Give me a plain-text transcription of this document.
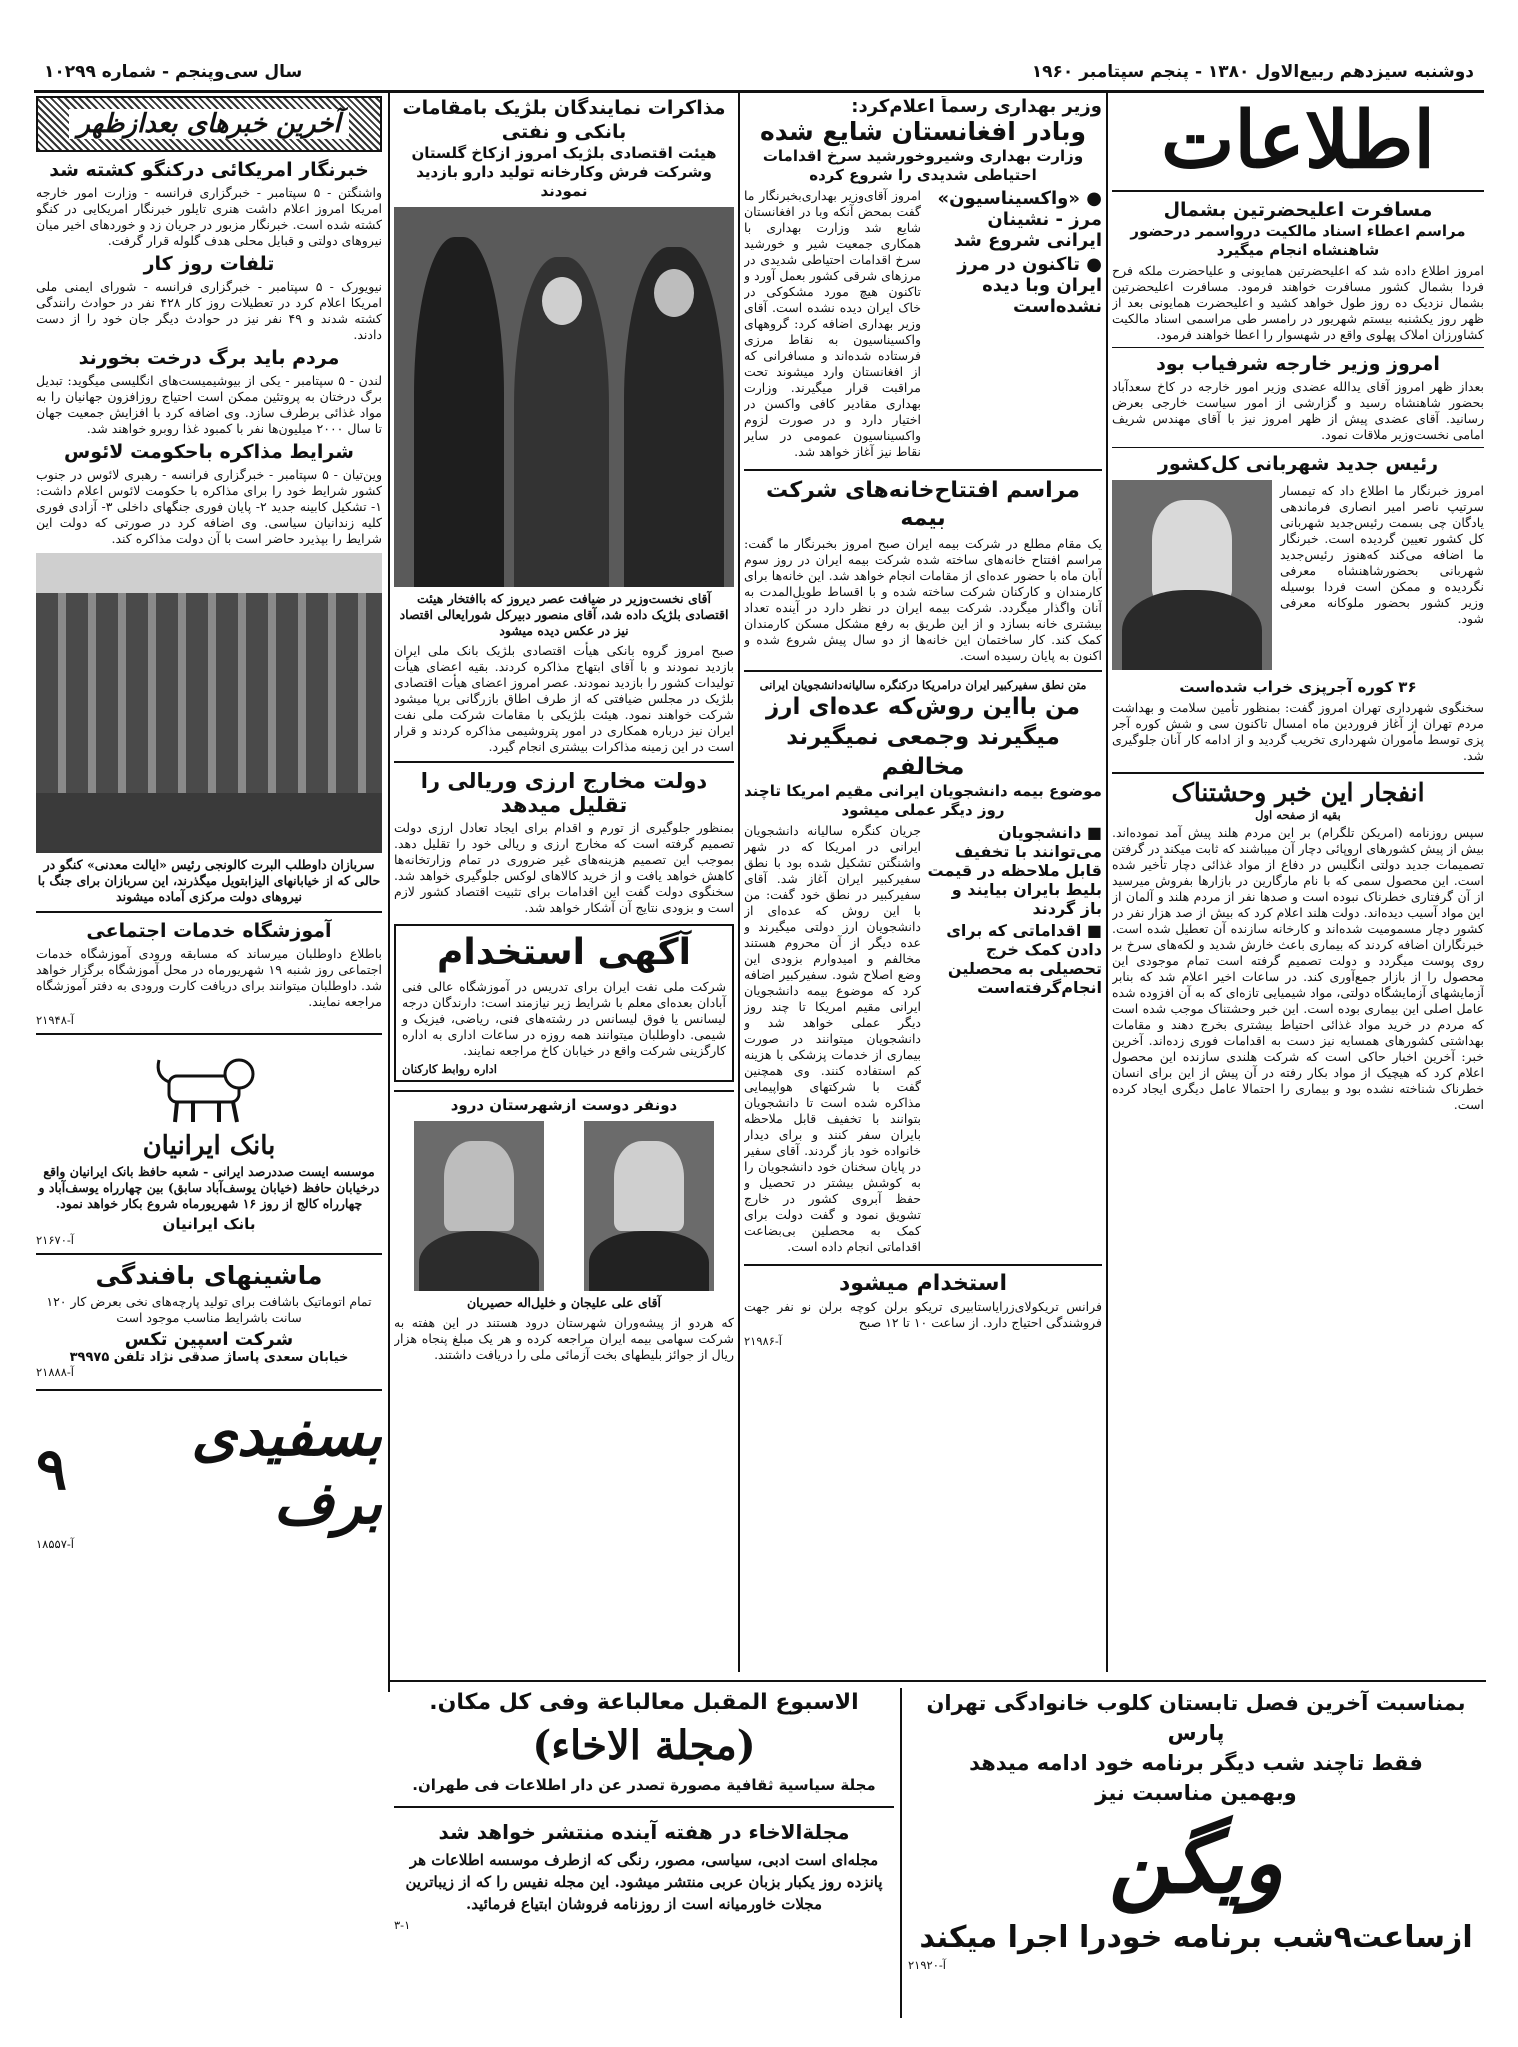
دوشنبه سیزدهم ربیع‌الاول ۱۳۸۰ - پنجم سپتامبر ۱۹۶۰
سال سی‌وپنجم - شماره ۱۰۲۹۹
اطلاعات
مسافرت اعلیحضرتین بشمال
مراسم اعطاء اسناد مالکیت درواسمر درحضور شاهنشاه انجام میگیرد

امروز اطلاع داده شد که اعلیحضرتین همایونی و علیاحضرت ملکه فرح فردا بشمال کشور مسافرت خواهند فرمود. مسافرت اعلیحضرتین بشمال نزدیک ده روز طول خواهد کشید و اعلیحضرت همایونی بعد از ظهر روز یکشنبه بیستم شهریور در رامسر طی مراسمی اسناد مالکیت کشاورزان املاک پهلوی واقع در شهسوار را اعطا خواهند فرمود.

امروز وزیر خارجه شرفیاب بود

بعداز ظهر امروز آقای یدالله عضدی وزیر امور خارجه در کاخ سعدآباد بحضور شاهنشاه رسید و گزارشی از امور سیاست خارجی بعرض رسانید. آقای عضدی پیش از ظهر امروز نیز با آقای مهندس شریف امامی نخست‌وزیر ملاقات نمود.

رئیس جدید شهربانی کل‌کشور

امروز خبرنگار ما اطلاع داد که تیمسار سرتیپ ناصر امیر انصاری فرماندهی یادگان چی بسمت رئیس‌جدید شهربانی کل کشور تعیین گردیده است. خبرنگار ما اضافه می‌کند که‌هنوز رئیس‌جدید شهربانی بحضورشاهنشاه معرفی نگردیده و ممکن است فردا بوسیله وزیر کشور بحضور ملوکانه معرفی شود.

۳۶ کوره آجرپزی خراب شده‌است

سخنگوی شهرداری تهران امروز گفت: بمنظور تأمین سلامت و بهداشت مردم تهران از آغاز فروردین ماه امسال تاکنون سی و شش کوره آجر پزی توسط مأموران شهرداری تخریب گردید و از ادامه کار آنان جلوگیری شد.

انفجار این خبر وحشتناک
بقیه از صفحه اول

سپس روزنامه (امریکن تلگرام) بر این مردم هلند پیش آمد نموده‌اند. بیش از پیش کشورهای اروپائی دچار آن میباشند که ثابت میکند در گرفتن تصمیمات جدید دولتی انگلیس در دفاع از مواد غذائی دچار تأخیر شده است. این محصول سمی که با نام مارگارین در بازارها بفروش میرسید از آن گرفتاری خطرناک نبوده است و صدها نفر از مردم هلند و آلمان از این مواد آسیب دیده‌اند. دولت هلند اعلام کرد که بیش از صد هزار نفر در کشور دچار مسمومیت شده‌اند و کارخانه سازنده آن تعطیل شده است. خبرنگاران اضافه کردند که بیماری باعث خارش شدید و لکه‌های سرخ بر روی پوست میگردد و دولت تصمیم گرفته است تمام موجودی این محصول را از بازار جمع‌آوری کند. در ساعات اخیر اعلام شد که بنابر آزمایشهای آزمایشگاه دولتی، مواد شیمیایی تازه‌ای که به آن افزوده شده عامل اصلی این بیماری بوده است. این خبر وحشتناک موجب شده است که مردم در خرید مواد غذائی احتیاط بیشتری بخرج دهند و مقامات بهداشتی کشورهای همسایه نیز دست به اقدامات فوری زده‌اند. آخرین خبر: آخرین اخبار حاکی است که شرکت هلندی سازنده این محصول اعلام کرد که هیچیک از مواد بکار رفته در آن پیش از این برای انسان خطرناک شناخته نشده بود و بیماری را احتمالا عامل دیگری ایجاد کرده است.

وزیر بهداری رسماً اعلام‌کرد:
وبادر افغانستان شایع شده
وزارت بهداری وشیروخورشید سرخ اقدامات احتیاطی شدیدی را شروع کرده
● «واکسیناسیون» مرز - نشینان ایرانی شروع شد
● تاکنون در مرز ایران وبا دیده نشده‌است

امروز آقای‌وزیر بهداری‌بخبرنگار ما گفت بمحض آنکه وبا در افغانستان شایع شد وزارت بهداری با همکاری جمعیت شیر و خورشید سرخ اقدامات احتیاطی شدیدی در مرزهای شرقی کشور بعمل آورد و تاکنون هیچ مورد مشکوکی در خاک ایران دیده نشده است. آقای وزیر بهداری اضافه کرد: گروههای واکسیناسیون به نقاط مرزی فرستاده شده‌اند و مسافرانی که از افغانستان وارد میشوند تحت مراقبت قرار میگیرند. وزارت بهداری مقادیر کافی واکسن در اختیار دارد و در صورت لزوم واکسیناسیون عمومی در سایر نقاط نیز آغاز خواهد شد.

مراسم افتتاح‌خانه‌های شرکت بیمه

یک مقام مطلع در شرکت بیمه ایران صبح امروز بخبرنگار ما گفت: مراسم افتتاح خانه‌های ساخته شده شرکت بیمه ایران در روز سوم آبان ماه با حضور عده‌ای از مقامات انجام خواهد شد. این خانه‌ها برای کارمندان و کارکنان شرکت ساخته شده و با اقساط طویل‌المدت به آنان واگذار میگردد. شرکت بیمه ایران در نظر دارد در آینده تعداد بیشتری خانه بسازد و از این طریق به رفع مشکل مسکن کارمندان کمک کند. کار ساختمان این خانه‌ها از دو سال پیش شروع شده و اکنون به پایان رسیده است.

متن نطق سفیرکبیر ایران درامریکا درکنگره سالیانه‌دانشجویان ایرانی
من بااین روش‌که عده‌ای ارز میگیرند وجمعی نمیگیرند مخالفم
موضوع بیمه دانشجویان ایرانی مقیم امریکا تاچند روز دیگر عملی میشود
■ دانشجویان می‌توانند با تخفیف قابل ملاحظه در قیمت بلیط بایران بیایند و باز گردند
■ اقداماتی که برای دادن کمک خرج تحصیلی به محصلین انجام‌گرفته‌است

جریان کنگره سالیانه دانشجویان ایرانی در امریکا که در شهر واشنگتن تشکیل شده بود با نطق سفیرکبیر ایران آغاز شد. آقای سفیرکبیر در نطق خود گفت: من با این روش که عده‌ای از دانشجویان ارز دولتی میگیرند و عده دیگر از آن محروم هستند مخالفم و امیدوارم بزودی این وضع اصلاح شود. سفیرکبیر اضافه کرد که موضوع بیمه دانشجویان ایرانی مقیم امریکا تا چند روز دیگر عملی خواهد شد و دانشجویان میتوانند در صورت بیماری از خدمات پزشکی با هزینه کم استفاده کنند. وی همچنین گفت با شرکتهای هواپیمایی مذاکره شده است تا دانشجویان بتوانند با تخفیف قابل ملاحظه بایران سفر کنند و برای دیدار خانواده خود باز گردند. آقای سفیر در پایان سخنان خود دانشجویان را به کوشش بیشتر در تحصیل و حفظ آبروی کشور در خارج تشویق نمود و گفت دولت برای کمک به محصلین بی‌بضاعت اقداماتی انجام داده است.

استخدام میشود

فرانس تریکولای‌زرایاستابیری تریکو برلن کوچه برلن نو نفر جهت فروشندگی احتیاج دارد. از ساعت ۱۰ تا ۱۲ صبح

آ-۲۱۹۸۶
مذاکرات نمایندگان بلژیک بامقامات بانکی و نفتی
هیئت اقتصادی بلژیک امروز ازکاخ گلستان وشرکت فرش وکارخانه تولید دارو بازدید نمودند
آقای نخست‌وزیر در ضیافت عصر دیروز که باافتخار هیئت اقتصادی بلژیک داده شد، آقای منصور دبیرکل شورایعالی اقتصاد نیز در عکس دیده میشود

صبح امروز گروه بانکی هیأت اقتصادی بلژیک بانک ملی ایران بازدید نمودند و با آقای ابتهاج مذاکره کردند. بقیه اعضای هیأت تولیدات کشور را بازدید نمودند. عصر امروز اعضای هیأت اقتصادی بلژیک در مجلس ضیافتی که از طرف اطاق بازرگانی برپا میشود شرکت خواهند نمود. هیئت بلژیکی با مقامات شرکت ملی نفت ایران نیز درباره همکاری در امور پتروشیمی مذاکره کردند و قرار است در این زمینه مذاکرات بیشتری انجام گیرد.

دولت مخارج ارزی وریالی را تقلیل میدهد

بمنظور جلوگیری از تورم و اقدام برای ایجاد تعادل ارزی دولت تصمیم گرفته است که مخارج ارزی و ریالی خود را تقلیل دهد. بموجب این تصمیم هزینه‌های غیر ضروری در تمام وزارتخانه‌ها کاهش خواهد یافت و از خرید کالاهای لوکس جلوگیری خواهد شد. سخنگوی دولت گفت این اقدامات برای تثبیت اقتصاد کشور لازم است و بزودی نتایج آن آشکار خواهد شد.

آگهی استخدام

شرکت ملی نفت ایران برای تدریس در آموزشگاه عالی فنی آبادان بعده‌ای معلم با شرایط زیر نیازمند است: دارندگان درجه لیسانس یا فوق لیسانس در رشته‌های فنی، ریاضی، فیزیک و شیمی. داوطلبان میتوانند همه روزه در ساعات اداری به اداره کارگزینی شرکت واقع در خیابان کاخ مراجعه نمایند.

اداره روابط کارکنان
دونفر دوست ازشهرستان درود
آقای علی علیجان و خلیل‌اله حصیریان

که هردو از پیشه‌وران شهرستان درود هستند در این هفته به شرکت سهامی بیمه ایران مراجعه کرده و هر یک مبلغ پنجاه هزار ریال از جوائز بلیطهای بخت آزمائی ملی را دریافت داشتند.

آخرین خبرهای بعدازظهر
خبرنگار امریکائی درکنگو کشته شد

واشنگتن - ۵ سپتامبر - خبرگزاری فرانسه - وزارت امور خارجه امریکا امروز اعلام داشت هنری تایلور خبرنگار امریکایی در کنگو کشته شده است. خبرنگار مزبور در جریان زد و خوردهای اخیر میان نیروهای دولتی و قبایل محلی هدف گلوله قرار گرفت.

تلفات روز کار

نیویورک - ۵ سپتامبر - خبرگزاری فرانسه - شورای ایمنی ملی امریکا اعلام کرد در تعطیلات روز کار ۴۲۸ نفر در حوادث رانندگی کشته شدند و ۴۹ نفر نیز در حوادث دیگر جان خود را از دست دادند.

مردم باید برگ درخت بخورند

لندن - ۵ سپتامبر - یکی از بیوشیمیست‌های انگلیسی میگوید: تبدیل برگ درختان به پروتئین ممکن است احتیاج روزافزون جهانیان را به مواد غذائی برطرف سازد. وی اضافه کرد با افزایش جمعیت جهان تا سال ۲۰۰۰ میلیون‌ها نفر با کمبود غذا روبرو خواهند شد.

شرایط مذاکره باحکومت لائوس

وین‌تیان - ۵ سپتامبر - خبرگزاری فرانسه - رهبری لائوس در جنوب کشور شرایط خود را برای مذاکره با حکومت لائوس اعلام داشت: ۱- تشکیل کابینه جدید ۲- پایان فوری جنگهای داخلی ۳- آزادی فوری کلیه زندانیان سیاسی. وی اضافه کرد در صورتی که دولت این شرایط را بپذیرد حاضر است با آن دولت مذاکره کند.

سربازان داوطلب البرت کالونجی رئیس «ایالت معدنی» کنگو در حالی که از خیابانهای الیزابتویل میگذرند، این سربازان برای جنگ با نیروهای دولت مرکزی آماده میشوند
آموزشگاه خدمات اجتماعی

باطلاع داوطلبان میرساند که مسابقه ورودی آموزشگاه خدمات اجتماعی روز شنبه ۱۹ شهریورماه در محل آموزشگاه برگزار خواهد شد. داوطلبان میتوانند برای دریافت کارت ورودی به دفتر آموزشگاه مراجعه نمایند.

آ-۲۱۹۴۸
بانک ایرانیان

موسسه ایست صددرصد ایرانی - شعبه حافظ بانک ایرانیان واقع درخیابان حافظ (خیابان یوسف‌آباد سابق) بین چهارراه یوسف‌آباد و چهارراه کالج از روز ۱۶ شهریورماه شروع بکار خواهد نمود.

بانک ایرانیان
آ-۲۱۶۷۰
ماشینهای بافندگی

تمام اتوماتیک باشافت برای تولید پارچه‌های نخی بعرض کار ۱۲۰ سانت باشرایط مناسب موجود است

شرکت اسپین تکس
خیابان سعدی پاساژ صدقی نژاد تلفن ۳۹۹۷۵
آ-۲۱۸۸۸
بسفیدی برف
۹
آ-۱۸۵۵۷
الاسبوع المقبل معالباعة وفی کل مکان.
(مجلة الاخاء)
مجلة سیاسیة ثقافیة مصورة تصدر عن دار اطلاعات فی طهران.
مجلةالاخاء در هفته آینده منتشر خواهد شد

مجله‌ای است ادبی، سیاسی، مصور، رنگی که ازطرف موسسه اطلاعات هر پانزده روز یکبار بزبان عربی منتشر میشود. این مجله نفیس را که از زیباترین مجلات خاورمیانه است از روزنامه فروشان ابتیاع فرمائید.

۳-۱
بمناسبت آخرین فصل تابستان کلوب خانوادگی تهران پارس
فقط تاچند شب دیگر برنامه خود ادامه میدهد
وبهمین مناسبت نیز
ویگن
ازساعت۹شب برنامه خودرا اجرا میکند
آ-۲۱۹۲۰
